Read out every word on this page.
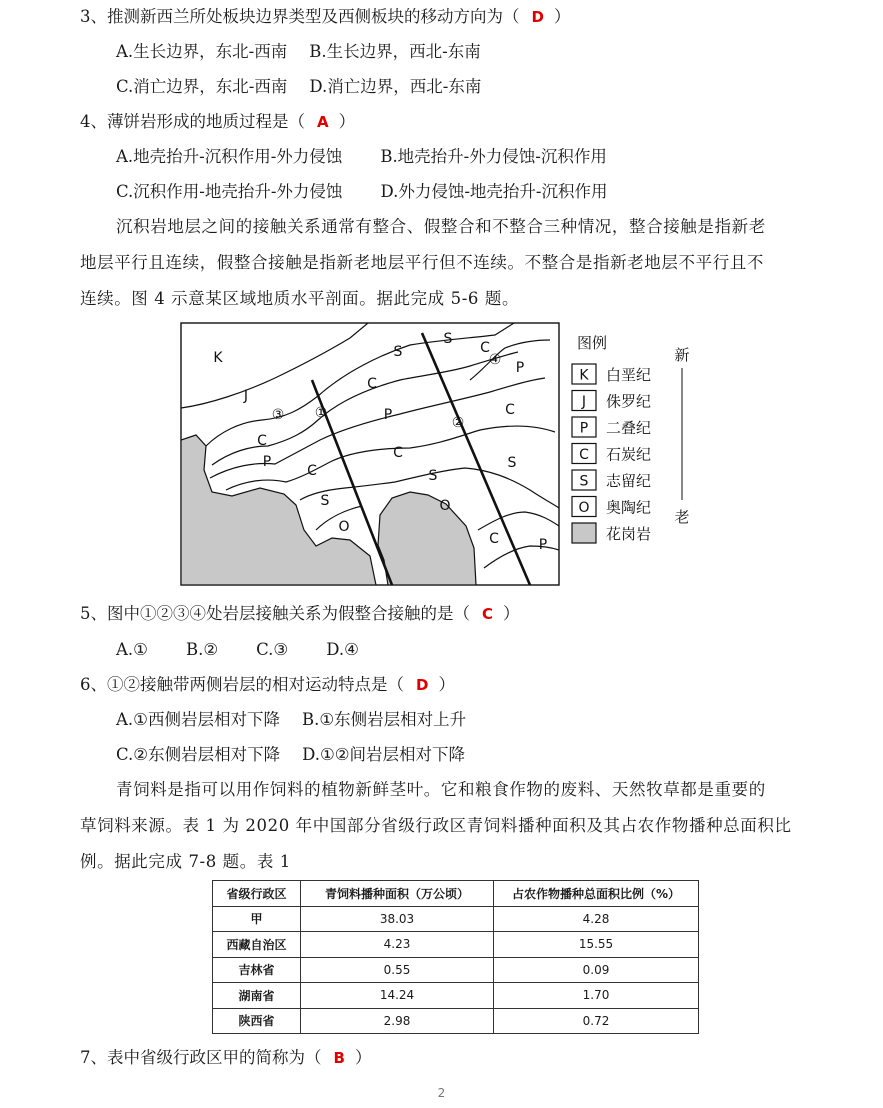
3、推测新西兰所处板块边界类型及西侧板块的移动方向为（ D ）
A.生长边界，东北-西南 B.生长边界，西北-东南
C.消亡边界，东北-西南 D.消亡边界，西北-东南
4、薄饼岩形成的地质过程是（ A ）
A.地壳抬升-沉积作用-外力侵蚀 B.地壳抬升-外力侵蚀-沉积作用
C.沉积作用-地壳抬升-外力侵蚀 D.外力侵蚀-地壳抬升-沉积作用
沉积岩地层之间的接触关系通常有整合、假整合和不整合三种情况，整合接触是指新老
地层平行且连续，假整合接触是指新老地层平行但不连续。不整合是指新老地层不平行且不
连续。图 4 示意某区域地质水平剖面。据此完成 5-6 题。
①
②
③
④
K
J
C
P
C
S
P
C
C
S
O
S
O
S
C
P
C
S
C	P
图例
K 白垩纪
J 侏罗纪
P 二叠纪
C 石炭纪
S 志留纪
O 奥陶纪
花岗岩
新
老
5、图中①②③④处岩层接触关系为假整合接触的是（ C ）
A.① B.② C.③ D.④
6、①②接触带两侧岩层的相对运动特点是（ D ）
A.①西侧岩层相对下降 B.①东侧岩层相对上升
C.②东侧岩层相对下降 D.①②间岩层相对下降
青饲料是指可以用作饲料的植物新鲜茎叶。它和粮食作物的废料、天然牧草都是重要的
草饲料来源。表 1 为 2020 年中国部分省级行政区青饲料播种面积及其占农作物播种总面积比
例。据此完成 7-8 题。表 1
省级行政区	青饲料播种面积（万公顷）	占农作物播种总面积比例（%）
甲	38.03	4.28
西藏自治区	4.23	15.55
吉林省	0.55	0.09
湖南省	14.24	1.70
陕西省	2.98	0.72
7、表中省级行政区甲的简称为（ B ）
2
